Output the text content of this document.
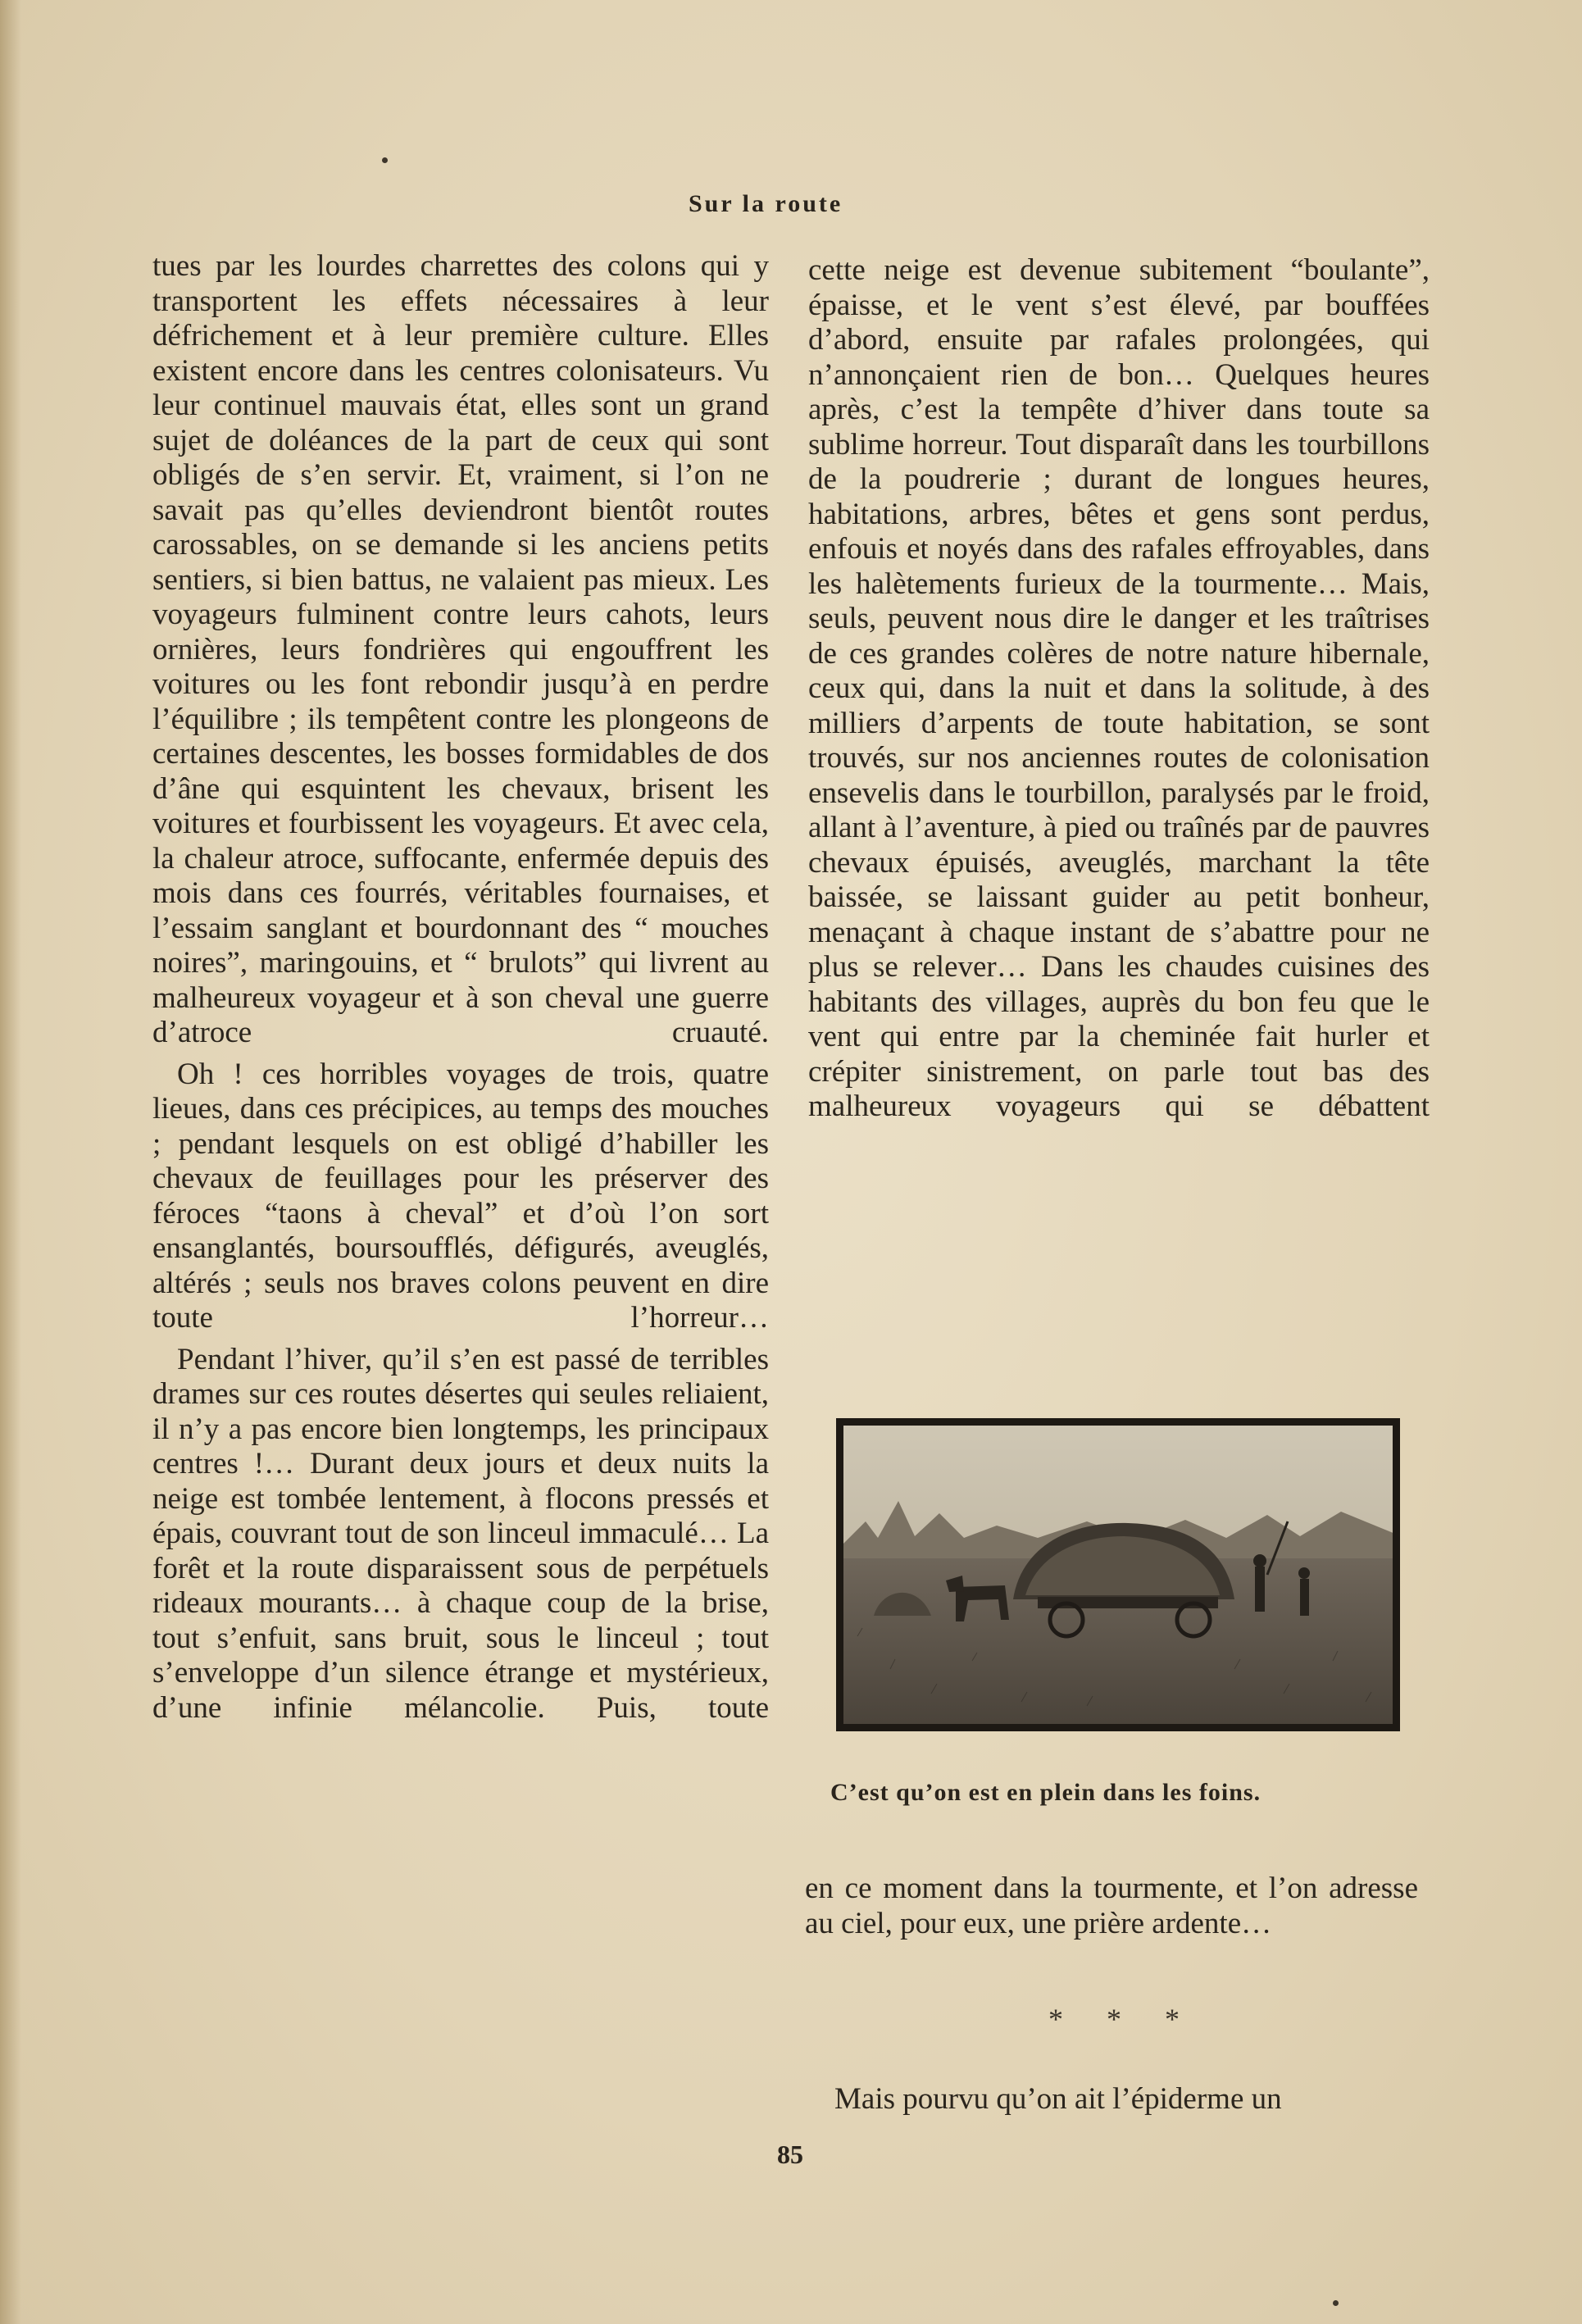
Sur la route

tues par les lourdes charrettes des colons qui y transportent les effets nécessaires à leur défrichement et à leur première culture. Elles existent encore dans les centres colonisateurs. Vu leur continuel mauvais état, elles sont un grand sujet de doléances de la part de ceux qui sont obligés de s’en servir. Et, vraiment, si l’on ne savait pas qu’elles deviendront bientôt routes carossables, on se demande si les anciens petits sentiers, si bien battus, ne valaient pas mieux. Les voyageurs fulminent contre leurs cahots, leurs ornières, leurs fondrières qui engouffrent les voitures ou les font rebondir jusqu’à en perdre l’équilibre ; ils tempêtent contre les plongeons de certaines descentes, les bosses formidables de dos d’âne qui esquintent les chevaux, brisent les voitures et fourbissent les voyageurs. Et avec cela, la chaleur atroce, suffocante, enfermée depuis des mois dans ces fourrés, véritables fournaises, et l’essaim sanglant et bourdonnant des “ mouches noires”, maringouins, et “ brulots” qui livrent au malheureux voyageur et à son cheval une guerre d’atroce cruauté.

Oh ! ces horribles voyages de trois, quatre lieues, dans ces précipices, au temps des mouches ; pendant lesquels on est obligé d’habiller les chevaux de feuillages pour les préserver des féroces “taons à cheval” et d’où l’on sort ensanglantés, boursoufflés, défigurés, aveuglés, altérés ; seuls nos braves colons peuvent en dire toute l’horreur…

Pendant l’hiver, qu’il s’en est passé de terribles drames sur ces routes désertes qui seules reliaient, il n’y a pas encore bien longtemps, les principaux centres !… Durant deux jours et deux nuits la neige est tombée lentement, à flocons pressés et épais, couvrant tout de son linceul immaculé… La forêt et la route disparaissent sous de perpétuels rideaux mourants… à chaque coup de la brise, tout s’enfuit, sans bruit, sous le linceul ; tout s’enveloppe d’un silence étrange et mystérieux, d’une infinie mélancolie. Puis, toute

cette neige est devenue subitement “boulante”, épaisse, et le vent s’est élevé, par bouffées d’abord, ensuite par rafales prolongées, qui n’annonçaient rien de bon… Quelques heures après, c’est la tempête d’hiver dans toute sa sublime horreur. Tout disparaît dans les tourbillons de la poudrerie ; durant de longues heures, habitations, arbres, bêtes et gens sont perdus, enfouis et noyés dans des rafales effroyables, dans les halètements furieux de la tourmente… Mais, seuls, peuvent nous dire le danger et les traîtrises de ces grandes colères de notre nature hibernale, ceux qui, dans la nuit et dans la solitude, à des milliers d’arpents de toute habitation, se sont trouvés, sur nos anciennes routes de colonisation ensevelis dans le tourbillon, paralysés par le froid, allant à l’aventure, à pied ou traînés par de pauvres chevaux épuisés, aveuglés, marchant la tête baissée, se laissant guider au petit bonheur, menaçant à chaque instant de s’abattre pour ne plus se relever… Dans les chaudes cuisines des habitants des villages, auprès du bon feu que le vent qui entre par la cheminée fait hurler et crépiter sinistrement, on parle tout bas des malheureux voyageurs qui se débattent

C’est qu’on est en plein dans les foins.

en ce moment dans la tourmente, et l’on adresse au ciel, pour eux, une prière ardente…

* * *

Mais pourvu qu’on ait l’épiderme un

85
